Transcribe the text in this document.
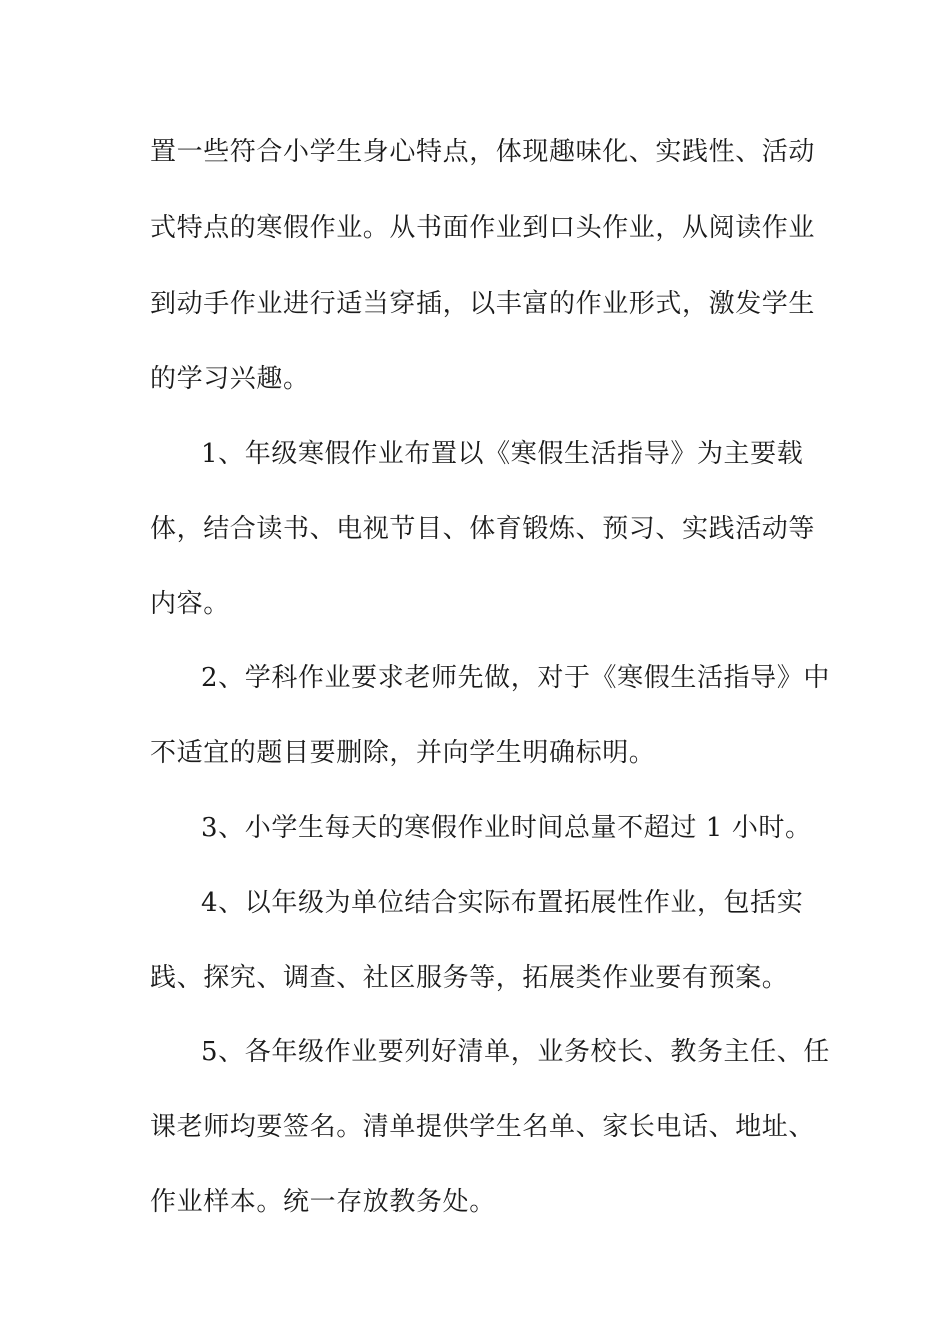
置一些符合小学生身心特点，体现趣味化、实践性、活动
式特点的寒假作业。从书面作业到口头作业，从阅读作业
到动手作业进行适当穿插，以丰富的作业形式，激发学生
的学习兴趣。
1、年级寒假作业布置以《寒假生活指导》为主要载
体，结合读书、电视节目、体育锻炼、预习、实践活动等
内容。
2、学科作业要求老师先做，对于《寒假生活指导》中
不适宜的题目要删除，并向学生明确标明。
3、小学生每天的寒假作业时间总量不超过 1 小时。
4、以年级为单位结合实际布置拓展性作业，包括实
践、探究、调查、社区服务等，拓展类作业要有预案。
5、各年级作业要列好清单，业务校长、教务主任、任
课老师均要签名。清单提供学生名单、家长电话、地址、
作业样本。统一存放教务处。
